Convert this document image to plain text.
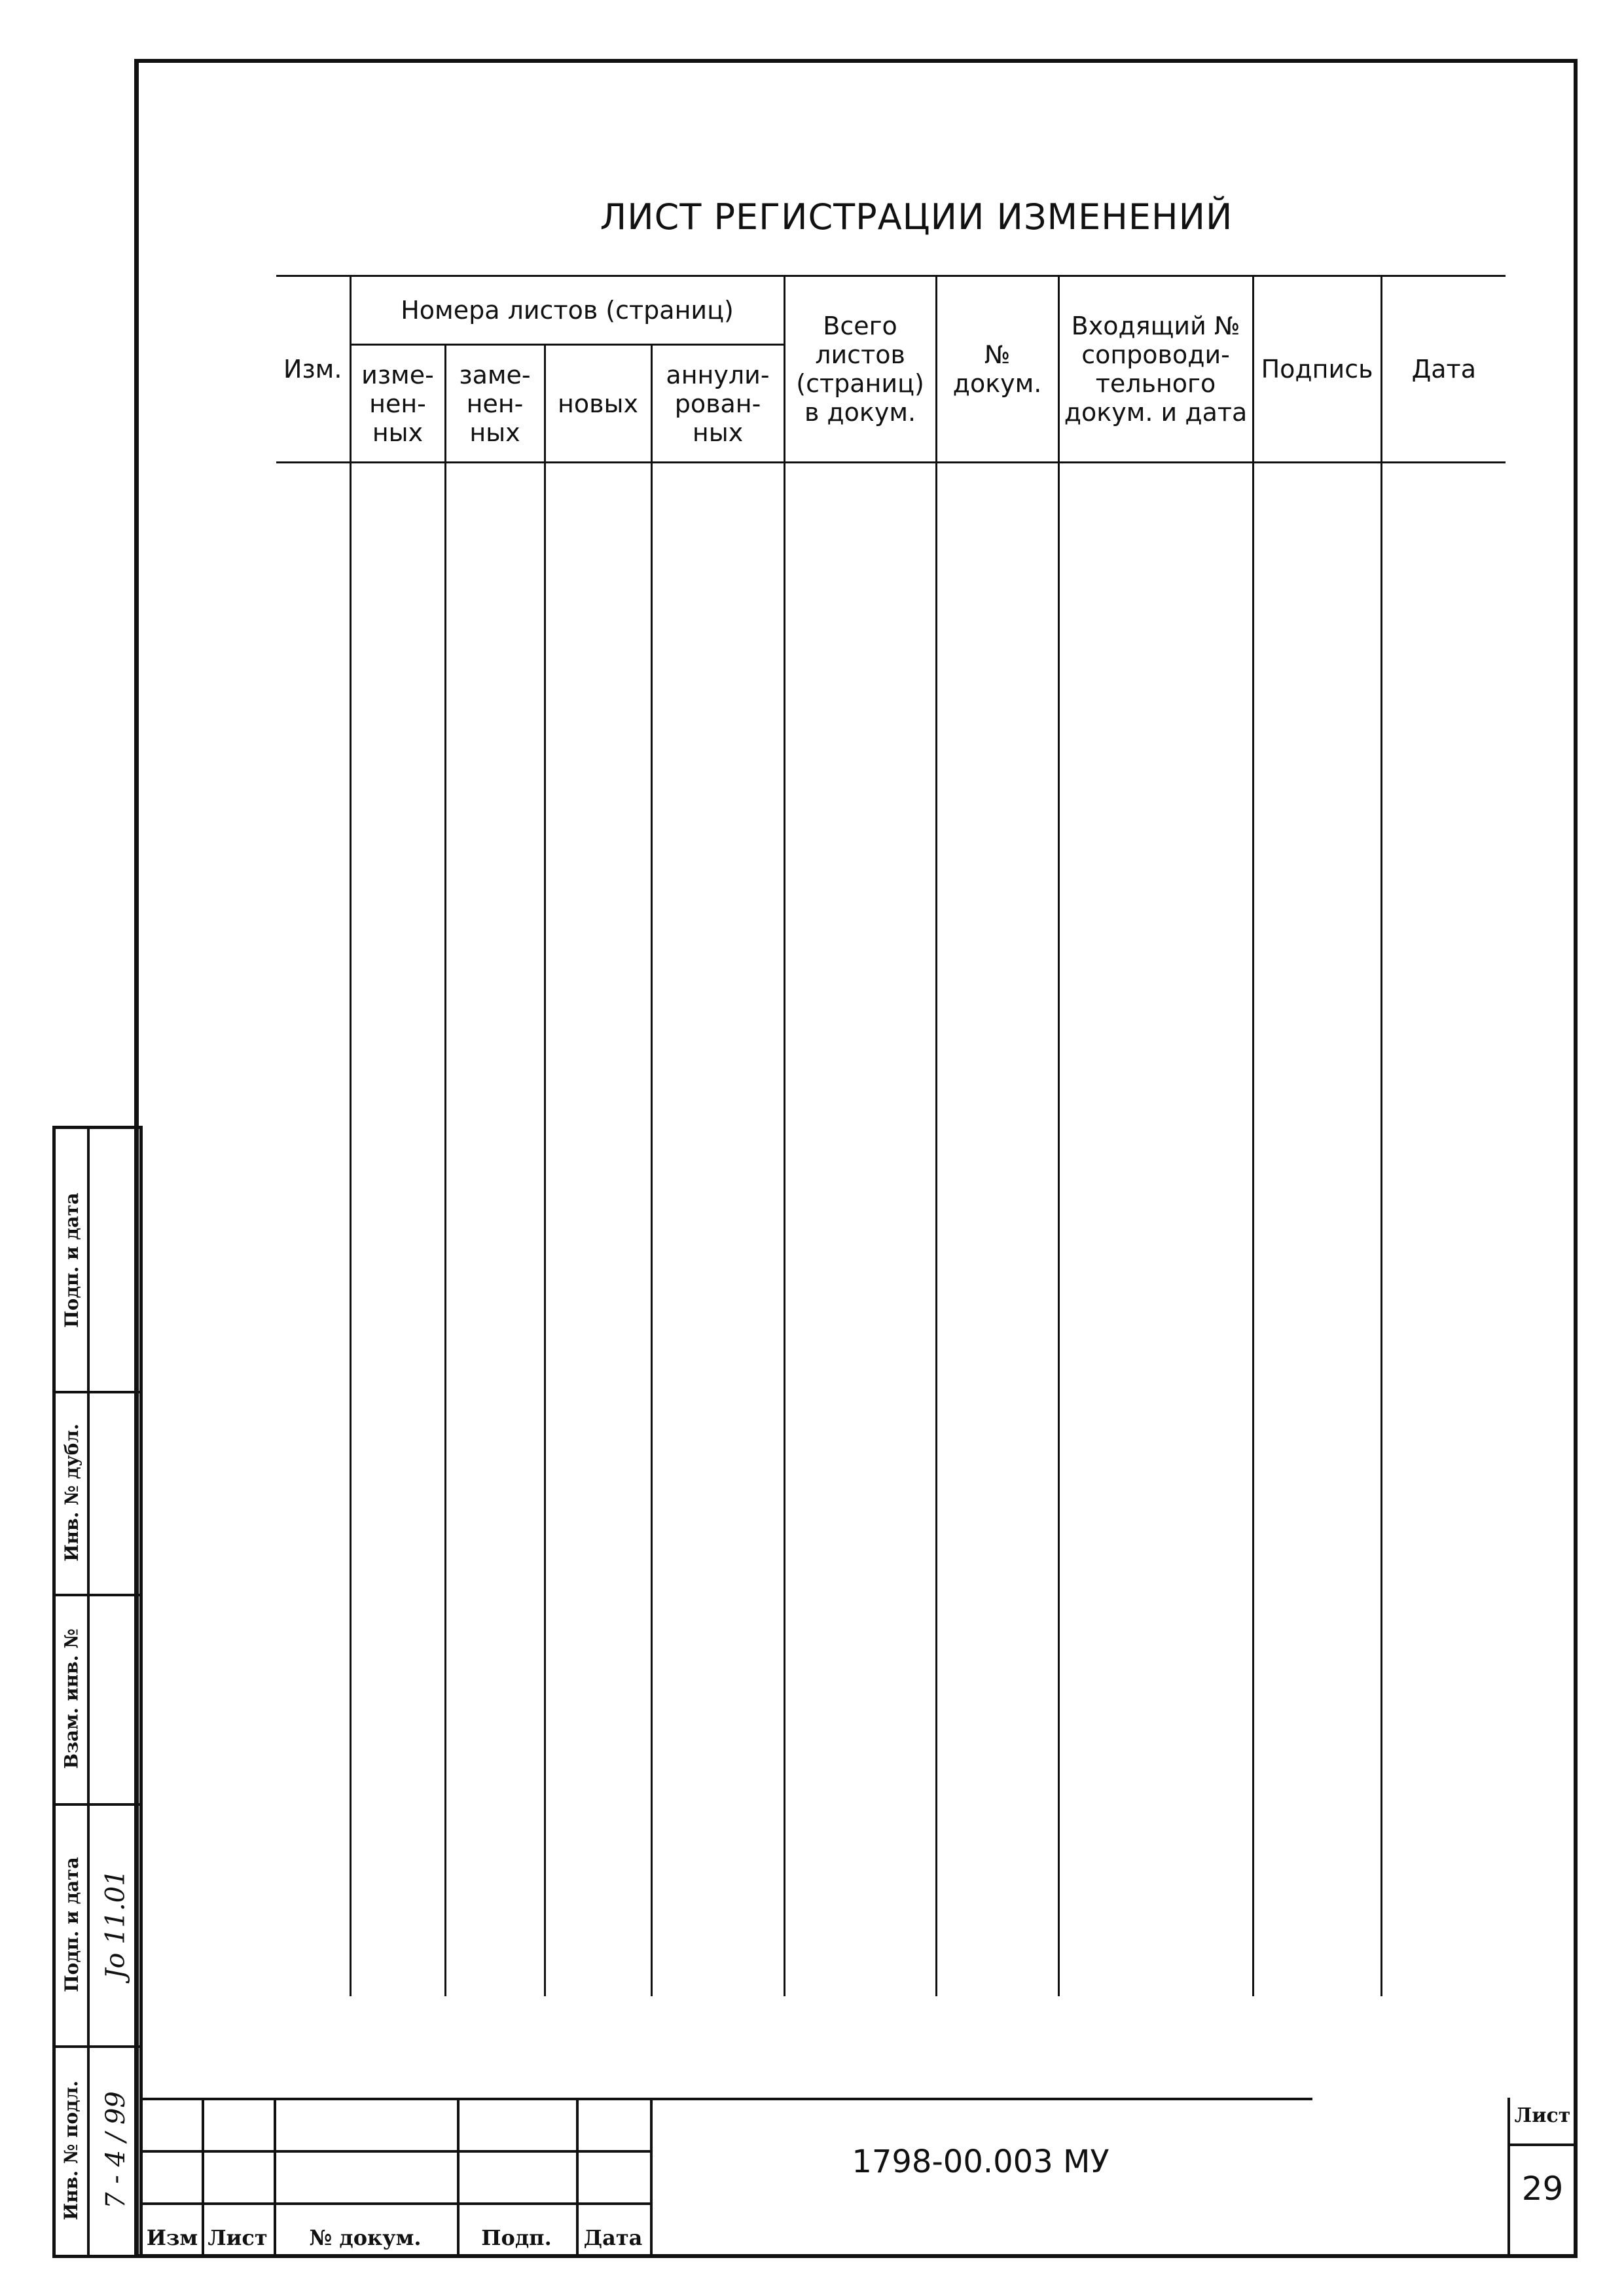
ЛИСТ РЕГИСТРАЦИИ ИЗМЕНЕНИЙ
Изм.	Номера листов (страниц)				Всего листов (страниц) в докум.	№ докум.	Входящий № сопроводи- тельного докум. и дата	Подпись	Дата
	изме- нен- ных	заме- нен- ных	новых	аннули- рован- ных					

Подп. и дата
Инв. № дубл.
Взам. инв. №
Подп. и дата Jo 11.01
Инв. № подл. 7 - 4 / 99
Изм Лист	№ докум.	Подп.	Дата
1798-00.003 МУ
Лист
29
